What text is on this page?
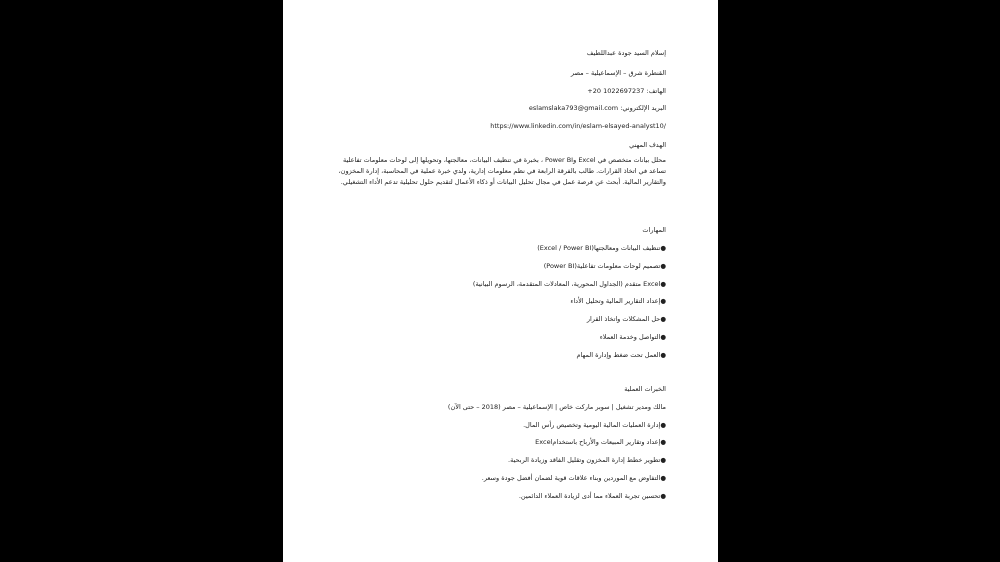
إسلام السيد جودة عبداللطيف
القنطرة شرق – الإسماعيلية – مصر
الهاتف: +20 1022697237
البريد الإلكتروني: eslamslaka793@gmail.com
https://www.linkedin.com/in/eslam-elsayed-analyst10/
الهدف المهني
محلل بيانات متخصص في Excel وPower BI ، بخبرة في تنظيف البيانات، معالجتها، وتحويلها إلى لوحات معلومات تفاعلية تساعد في اتخاذ القرارات. طالب بالفرقة الرابعة في نظم معلومات إدارية، ولدي خبرة عملية في المحاسبة، إدارة المخزون، والتقارير المالية. أبحث عن فرصة عمل في مجال تحليل البيانات أو ذكاء الأعمال لتقديم حلول تحليلية تدعم الأداء التشغيلي.
المهارات
●تنظيف البيانات ومعالجتها(Excel / Power BI)
●تصميم لوحات معلومات تفاعلية(Power BI)
●Excel متقدم (الجداول المحورية، المعادلات المتقدمة، الرسوم البيانية)
●إعداد التقارير المالية وتحليل الأداء
●حل المشكلات واتخاذ القرار
●التواصل وخدمة العملاء
●العمل تحت ضغط وإدارة المهام
الخبرات العملية
مالك ومدير تشغيل | سوبر ماركت خاص | الإسماعيلية – مصر (2018 – حتى الآن)
●إدارة العمليات المالية اليومية وتخصيص رأس المال.
●إعداد وتقارير المبيعات والأرباح باستخدامExcel
●تطوير خطط إدارة المخزون وتقليل الفاقد وزيادة الربحية.
●التفاوض مع الموردين وبناء علاقات قوية لضمان أفضل جودة وسعر.
●تحسين تجربة العملاء مما أدى لزيادة العملاء الدائمين.
